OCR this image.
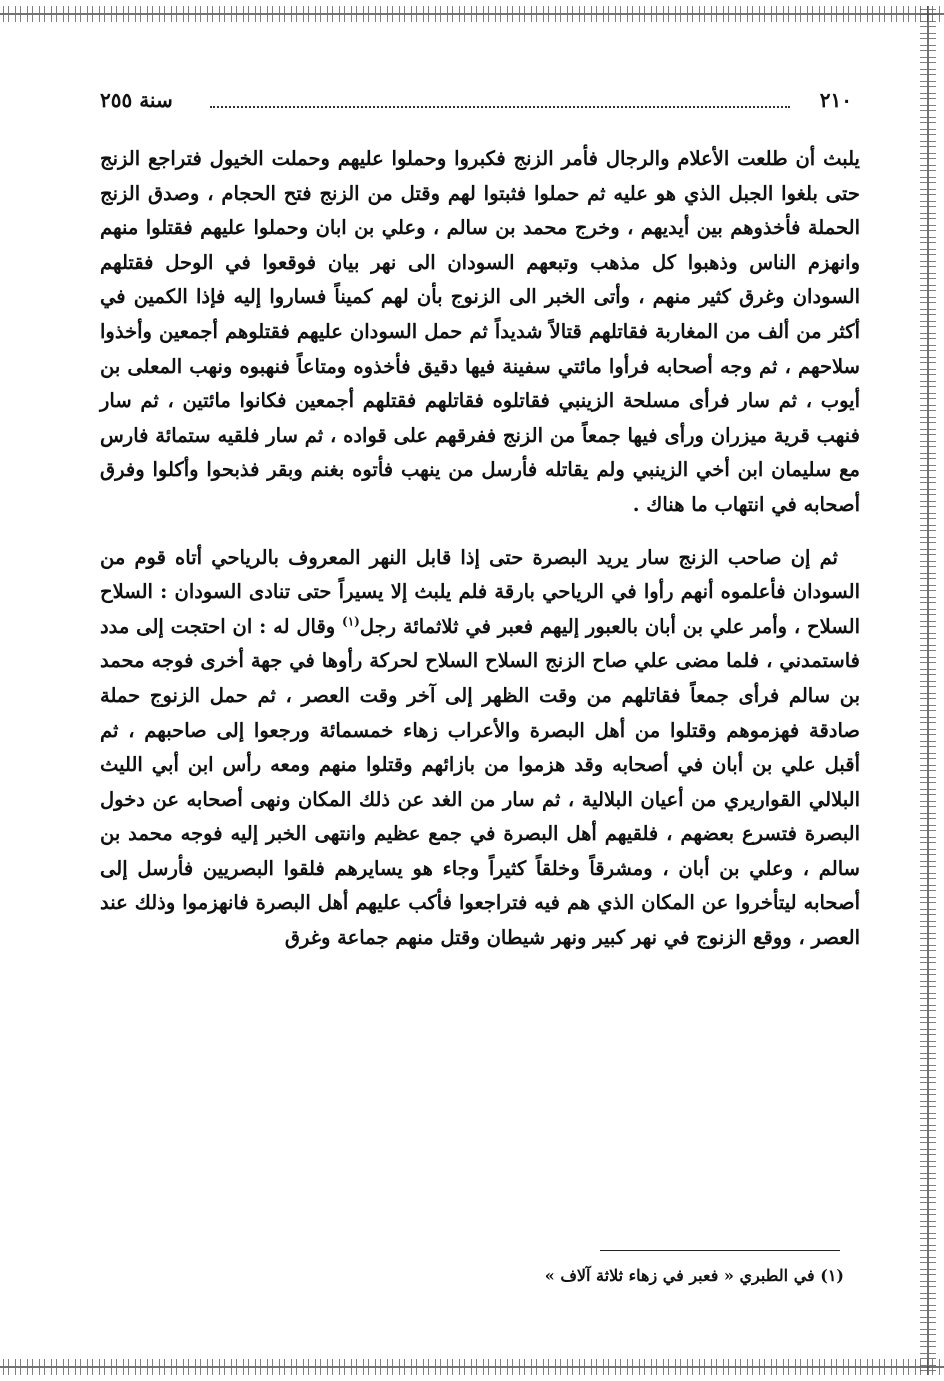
٢١٠
سنة ٢٥٥

يلبث أن طلعت الأعلام والرجال فأمر الزنج فكبروا وحملوا عليهم وحملت الخيول فتراجع الزنج حتى بلغوا الجبل الذي هو عليه ثم حملوا فثبتوا لهم وقتل من الزنج فتح الحجام ، وصدق الزنج الحملة فأخذوهم بين أيديهم ، وخرج محمد بن سالم ، وعلي بن ابان وحملوا عليهم فقتلوا منهم وانهزم الناس وذهبوا كل مذهب وتبعهم السودان الى نهر بيان فوقعوا في الوحل فقتلهم السودان وغرق كثير منهم ، وأتى الخبر الى الزنوج بأن لهم كميناً فساروا إليه فإذا الكمين في أكثر من ألف من المغاربة فقاتلهم قتالاً شديداً ثم حمل السودان عليهم فقتلوهم أجمعين وأخذوا سلاحهم ، ثم وجه أصحابه فرأوا مائتي سفينة فيها دقيق فأخذوه ومتاعاً فنهبوه ونهب المعلى بن أيوب ، ثم سار فرأى مسلحة الزينبي فقاتلوه فقاتلهم فقتلهم أجمعين فكانوا مائتين ، ثم سار فنهب قرية ميزران ورأى فيها جمعاً من الزنج ففرقهم على قواده ، ثم سار فلقيه ستمائة فارس مع سليمان ابن أخي الزينبي ولم يقاتله فأرسل من ينهب فأتوه بغنم وبقر فذبحوا وأكلوا وفرق أصحابه في انتهاب ما هناك .

ثم إن صاحب الزنج سار يريد البصرة حتى إذا قابل النهر المعروف بالرياحي أتاه قوم من السودان فأعلموه أنهم رأوا في الرياحي بارقة فلم يلبث إلا يسيراً حتى تنادى السودان : السلاح السلاح ، وأمر علي بن أبان بالعبور إليهم فعبر في ثلاثمائة رجل$^{(١)}$ وقال له : ان احتجت إلى مدد فاستمدني ، فلما مضى علي صاح الزنج السلاح السلاح لحركة رأوها في جهة أخرى فوجه محمد بن سالم فرأى جمعاً فقاتلهم من وقت الظهر إلى آخر وقت العصر ، ثم حمل الزنوج حملة صادقة فهزموهم وقتلوا من أهل البصرة والأعراب زهاء خمسمائة ورجعوا إلى صاحبهم ، ثم أقبل علي بن أبان في أصحابه وقد هزموا من بازائهم وقتلوا منهم ومعه رأس ابن أبي الليث البلالي القواريري من أعيان البلالية ، ثم سار من الغد عن ذلك المكان ونهى أصحابه عن دخول البصرة فتسرع بعضهم ، فلقيهم أهل البصرة في جمع عظيم وانتهى الخبر إليه فوجه محمد بن سالم ، وعلي بن أبان ، ومشرقاً وخلقاً كثيراً وجاء هو يسايرهم فلقوا البصريين فأرسل إلى أصحابه ليتأخروا عن المكان الذي هم فيه فتراجعوا فأكب عليهم أهل البصرة فانهزموا وذلك عند العصر ، ووقع الزنوج في نهر كبير ونهر شيطان وقتل منهم جماعة وغرق

(١) في الطبري « فعبر في زهاء ثلاثة آلاف »
